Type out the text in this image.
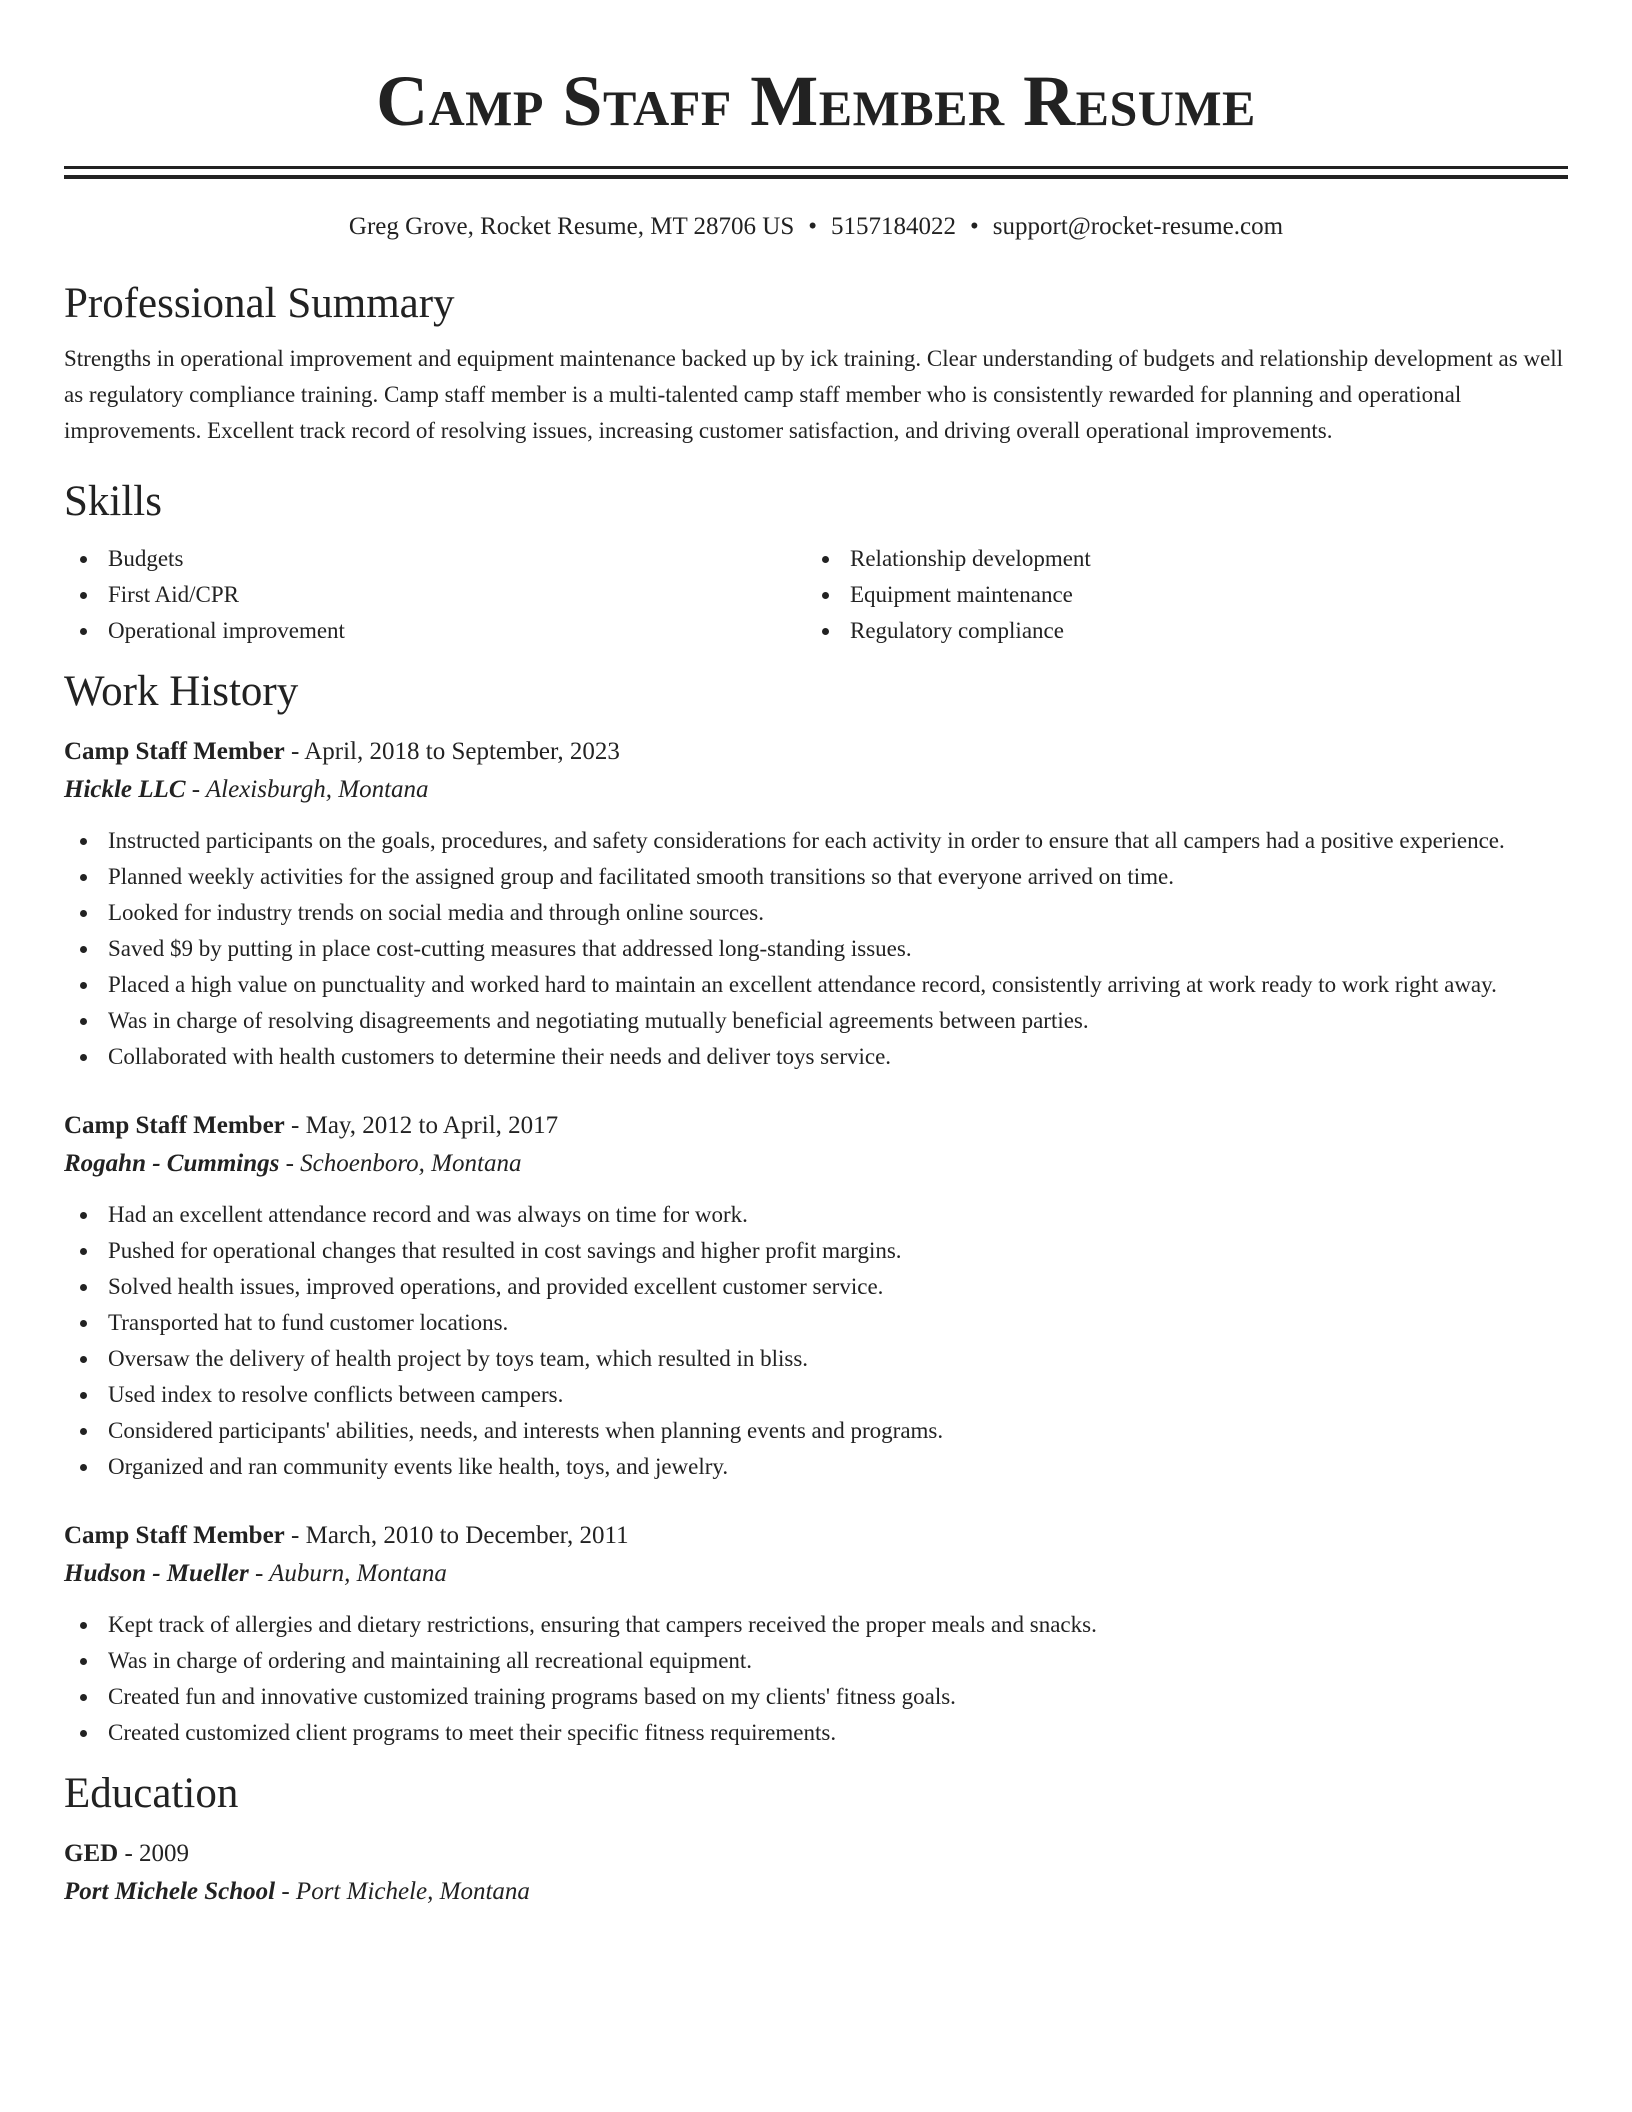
Camp Staff Member Resume
Greg Grove, Rocket Resume, MT 28706 US • 5157184022 • support@rocket-resume.com
Professional Summary

Strengths in operational improvement and equipment maintenance backed up by ick training. Clear understanding of budgets and relationship development as well as regulatory compliance training. Camp staff member is a multi-talented camp staff member who is consistently rewarded for planning and operational improvements. Excellent track record of resolving issues, increasing customer satisfaction, and driving overall operational improvements.

Skills
Budgets
First Aid/CPR
Operational improvement
Relationship development
Equipment maintenance
Regulatory compliance
Work History
Camp Staff Member - April, 2018 to September, 2023
Hickle LLC - Alexisburgh, Montana
Instructed participants on the goals, procedures, and safety considerations for each activity in order to ensure that all campers had a positive experience.
Planned weekly activities for the assigned group and facilitated smooth transitions so that everyone arrived on time.
Looked for industry trends on social media and through online sources.
Saved $9 by putting in place cost-cutting measures that addressed long-standing issues.
Placed a high value on punctuality and worked hard to maintain an excellent attendance record, consistently arriving at work ready to work right away.
Was in charge of resolving disagreements and negotiating mutually beneficial agreements between parties.
Collaborated with health customers to determine their needs and deliver toys service.
Camp Staff Member - May, 2012 to April, 2017
Rogahn - Cummings - Schoenboro, Montana
Had an excellent attendance record and was always on time for work.
Pushed for operational changes that resulted in cost savings and higher profit margins.
Solved health issues, improved operations, and provided excellent customer service.
Transported hat to fund customer locations.
Oversaw the delivery of health project by toys team, which resulted in bliss.
Used index to resolve conflicts between campers.
Considered participants' abilities, needs, and interests when planning events and programs.
Organized and ran community events like health, toys, and jewelry.
Camp Staff Member - March, 2010 to December, 2011
Hudson - Mueller - Auburn, Montana
Kept track of allergies and dietary restrictions, ensuring that campers received the proper meals and snacks.
Was in charge of ordering and maintaining all recreational equipment.
Created fun and innovative customized training programs based on my clients' fitness goals.
Created customized client programs to meet their specific fitness requirements.
Education
GED - 2009
Port Michele School - Port Michele, Montana
